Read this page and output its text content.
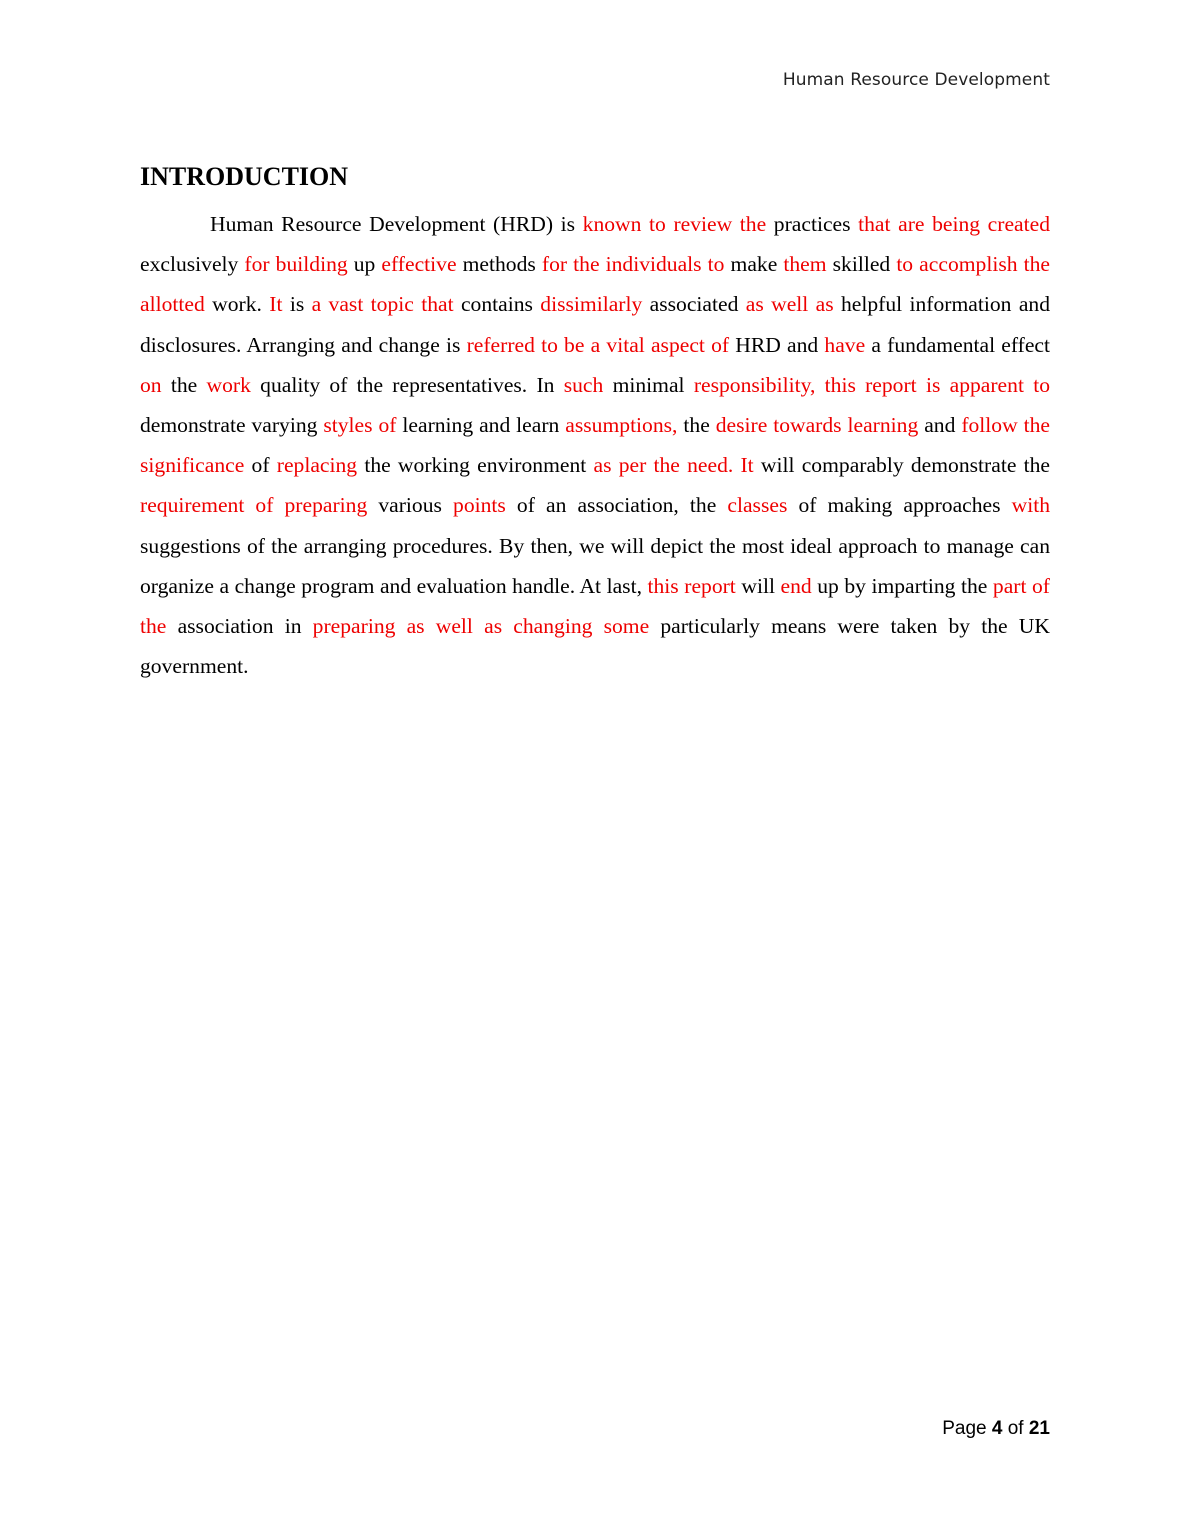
Human Resource Development
INTRODUCTION

Human Resource Development (HRD) is known to review the practices that are being created exclusively for building up effective methods for the individuals to make them skilled to accomplish the allotted work. It is a vast topic that contains dissimilarly associated as well as helpful information and disclosures. Arranging and change is referred to be a vital aspect of HRD and have a fundamental effect on the work quality of the representatives. In such minimal responsibility, this report is apparent to demonstrate varying styles of learning and learn assumptions, the desire towards learning and follow the significance of replacing the working environment as per the need. It will comparably demonstrate the requirement of preparing various points of an association, the classes of making approaches with suggestions of the arranging procedures. By then, we will depict the most ideal approach to manage can organize a change program and evaluation handle. At last, this report will end up by imparting the part of the association in preparing as well as changing some particularly means were taken by the UK government.

Page 4 of 21
